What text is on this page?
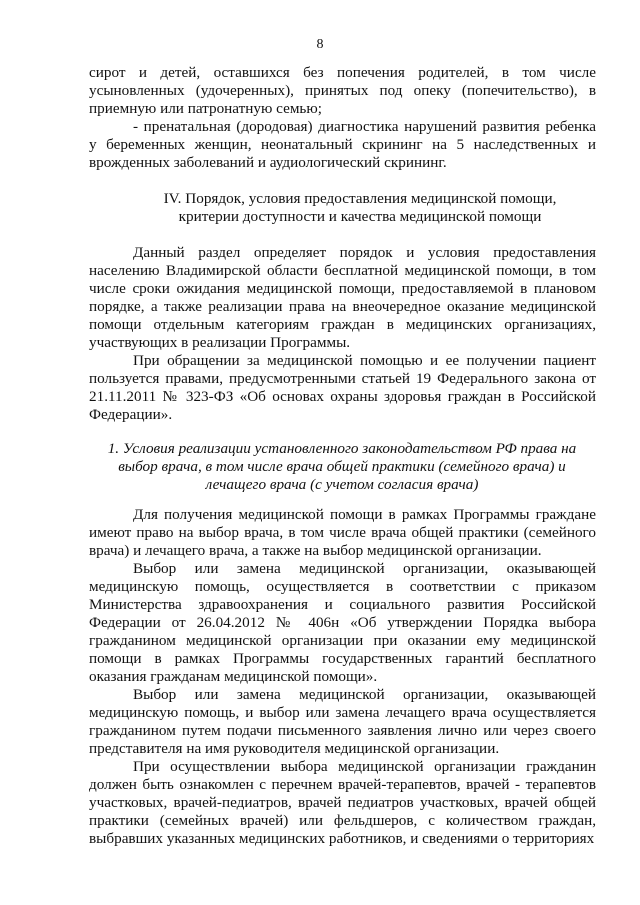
8
сирот и детей, оставшихся без попечения родителей, в том числе усыновленных (удочеренных), принятых под опеку (попечительство), в приемную или патронатную семью;
- пренатальная (дородовая) диагностика нарушений развития ребенка у беременных женщин, неонатальный скрининг на 5 наследственных и врожденных заболеваний и аудиологический скрининг.
IV. Порядок, условия предоставления медицинской помощи, критерии доступности и качества медицинской помощи
Данный раздел определяет порядок и условия предоставления населению Владимирской области бесплатной медицинской помощи, в том числе сроки ожидания медицинской помощи, предоставляемой в плановом порядке, а также реализации права на внеочередное оказание медицинской помощи отдельным категориям граждан в медицинских организациях, участвующих в реализации Программы.
При обращении за медицинской помощью и ее получении пациент пользуется правами, предусмотренными статьей 19 Федерального закона от 21.11.2011 № 323-ФЗ «Об основах охраны здоровья граждан в Российской Федерации».
1. Условия реализации установленного законодательством РФ права на выбор врача, в том числе врача общей практики (семейного врача) и лечащего врача (с учетом согласия врача)
Для получения медицинской помощи в рамках Программы граждане имеют право на выбор врача, в том числе врача общей практики (семейного врача) и лечащего врача, а также на выбор медицинской организации.
Выбор или замена медицинской организации, оказывающей медицинскую помощь, осуществляется в соответствии с приказом Министерства здравоохранения и социального развития Российской Федерации от 26.04.2012 № 406н «Об утверждении Порядка выбора гражданином медицинской организации при оказании ему медицинской помощи в рамках Программы государственных гарантий бесплатного оказания гражданам медицинской помощи».
Выбор или замена медицинской организации, оказывающей медицинскую помощь, и выбор или замена лечащего врача осуществляется гражданином путем подачи письменного заявления лично или через своего представителя на имя руководителя медицинской организации.
При осуществлении выбора медицинской организации гражданин должен быть ознакомлен с перечнем врачей-терапевтов, врачей - терапевтов участковых, врачей-педиатров, врачей педиатров участковых, врачей общей практики (семейных врачей) или фельдшеров, с количеством граждан, выбравших указанных медицинских работников, и сведениями о территориях
